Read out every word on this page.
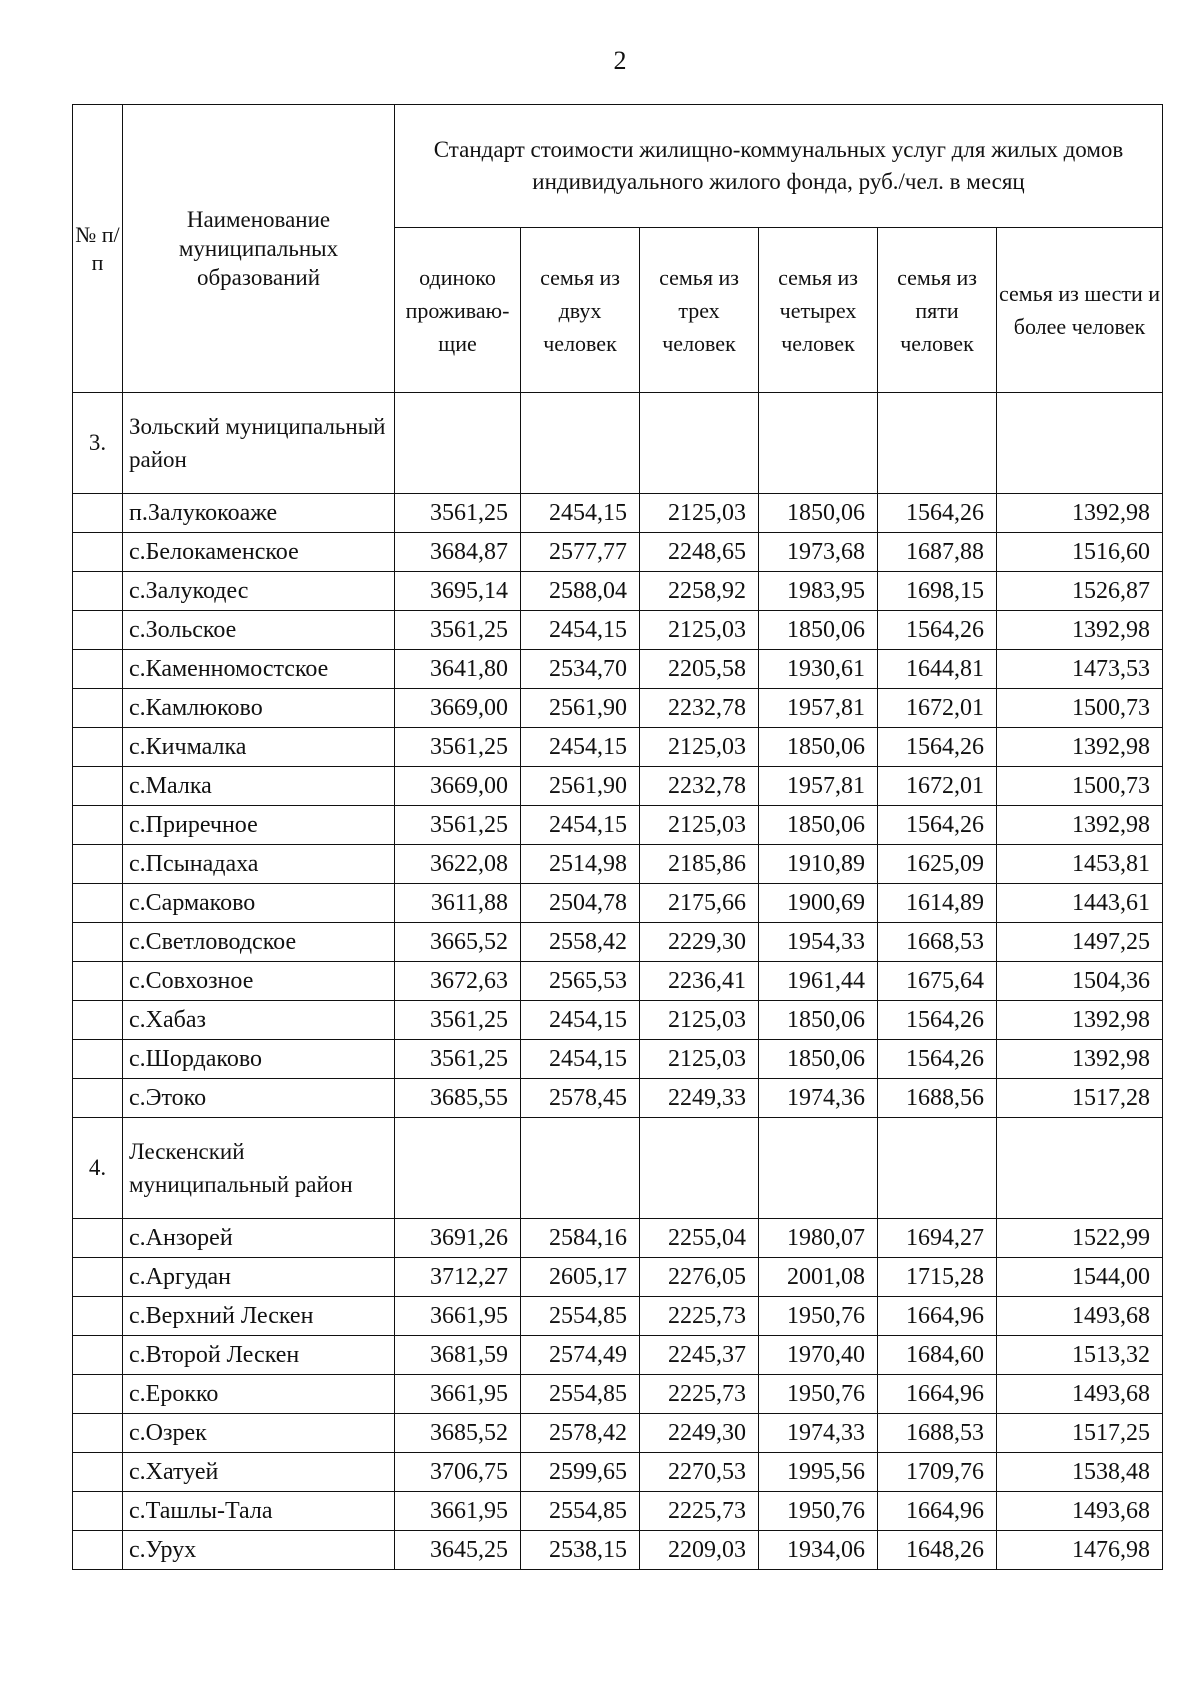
2
№ п/п	Наименование муниципальных образований	Стандарт стоимости жилищно-коммунальных услуг для жилых домов индивидуального жилого фонда, руб./чел. в месяц					
		одиноко проживаю-щие	семья из двух человек	семья из трех человек	семья из четырех человек	семья из пяти человек	семья из шести и более человек
3.	Зольский муниципальный район						
	п.Залукокоаже	3561,25	2454,15	2125,03	1850,06	1564,26	1392,98
	с.Белокаменское	3684,87	2577,77	2248,65	1973,68	1687,88	1516,60
	с.Залукодес	3695,14	2588,04	2258,92	1983,95	1698,15	1526,87
	с.Зольское	3561,25	2454,15	2125,03	1850,06	1564,26	1392,98
	с.Каменномостское	3641,80	2534,70	2205,58	1930,61	1644,81	1473,53
	с.Камлюково	3669,00	2561,90	2232,78	1957,81	1672,01	1500,73
	с.Кичмалка	3561,25	2454,15	2125,03	1850,06	1564,26	1392,98
	с.Малка	3669,00	2561,90	2232,78	1957,81	1672,01	1500,73
	с.Приречное	3561,25	2454,15	2125,03	1850,06	1564,26	1392,98
	с.Псынадаха	3622,08	2514,98	2185,86	1910,89	1625,09	1453,81
	с.Сармаково	3611,88	2504,78	2175,66	1900,69	1614,89	1443,61
	с.Светловодское	3665,52	2558,42	2229,30	1954,33	1668,53	1497,25
	с.Совхозное	3672,63	2565,53	2236,41	1961,44	1675,64	1504,36
	с.Хабаз	3561,25	2454,15	2125,03	1850,06	1564,26	1392,98
	с.Шордаково	3561,25	2454,15	2125,03	1850,06	1564,26	1392,98
	с.Этоко	3685,55	2578,45	2249,33	1974,36	1688,56	1517,28
4.	Лескенский муниципальный район						
	с.Анзорей	3691,26	2584,16	2255,04	1980,07	1694,27	1522,99
	с.Аргудан	3712,27	2605,17	2276,05	2001,08	1715,28	1544,00
	с.Верхний Лескен	3661,95	2554,85	2225,73	1950,76	1664,96	1493,68
	с.Второй Лескен	3681,59	2574,49	2245,37	1970,40	1684,60	1513,32
	с.Ерокко	3661,95	2554,85	2225,73	1950,76	1664,96	1493,68
	с.Озрек	3685,52	2578,42	2249,30	1974,33	1688,53	1517,25
	с.Хатуей	3706,75	2599,65	2270,53	1995,56	1709,76	1538,48
	с.Ташлы-Тала	3661,95	2554,85	2225,73	1950,76	1664,96	1493,68
	с.Урух	3645,25	2538,15	2209,03	1934,06	1648,26	1476,98
